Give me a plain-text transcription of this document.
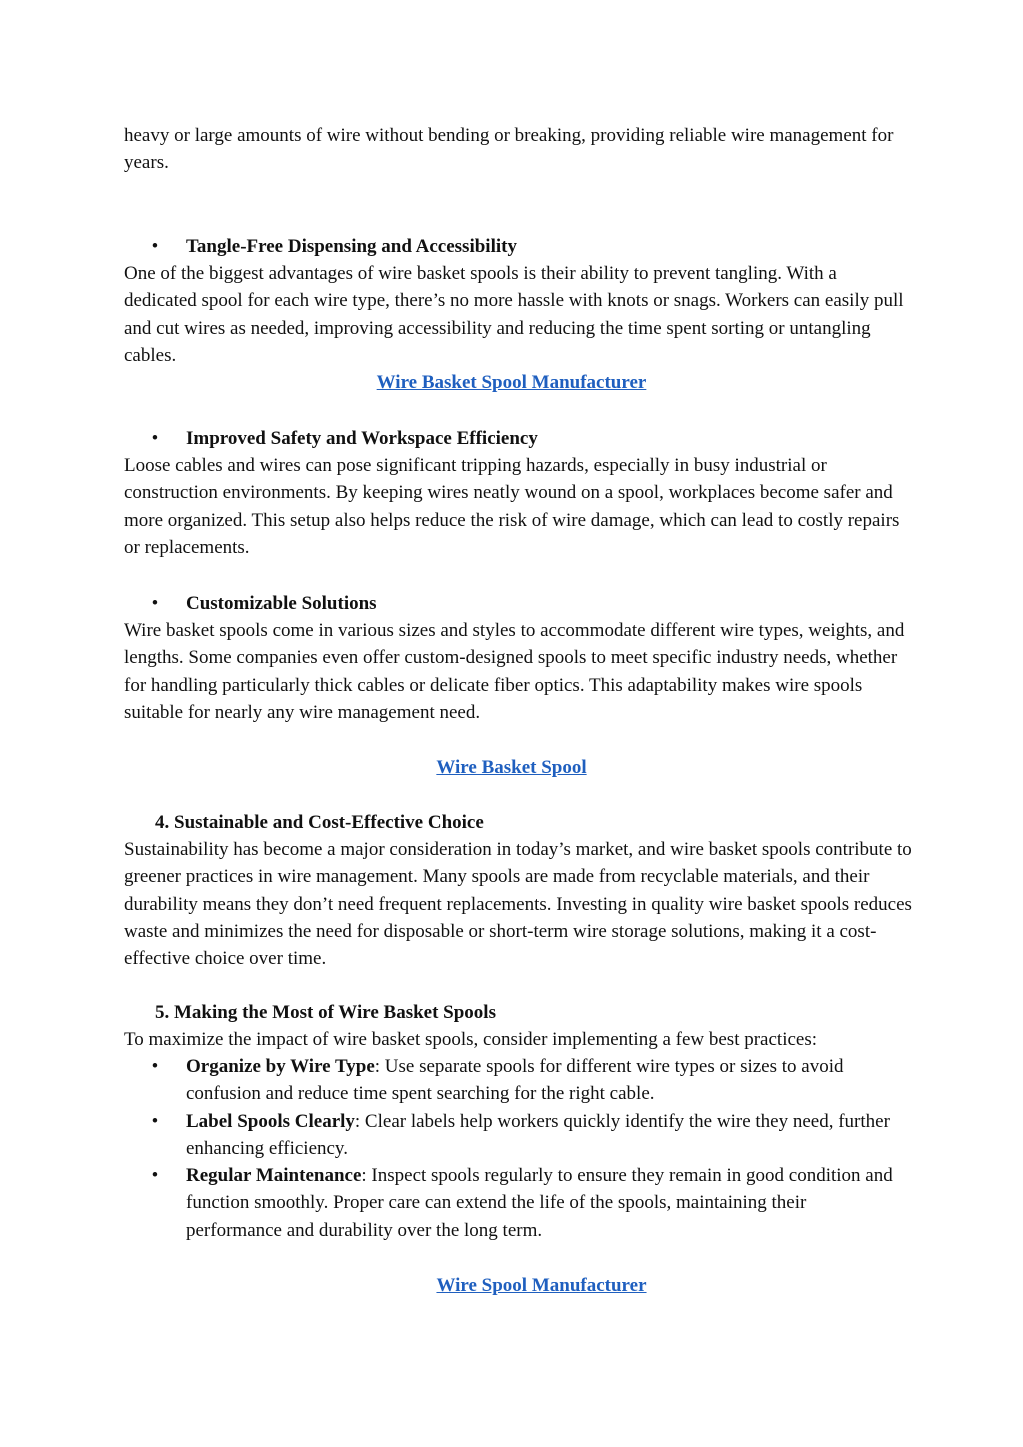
heavy or large amounts of wire without bending or breaking, providing reliable wire management for years.

• Tangle-Free Dispensing and Accessibility

One of the biggest advantages of wire basket spools is their ability to prevent tangling. With a dedicated spool for each wire type, there’s no more hassle with knots or snags. Workers can easily pull and cut wires as needed, improving accessibility and reducing the time spent sorting or untangling cables.

Wire Basket Spool Manufacturer

• Improved Safety and Workspace Efficiency

Loose cables and wires can pose significant tripping hazards, especially in busy industrial or construction environments. By keeping wires neatly wound on a spool, workplaces become safer and more organized. This setup also helps reduce the risk of wire damage, which can lead to costly repairs or replacements.

• Customizable Solutions

Wire basket spools come in various sizes and styles to accommodate different wire types, weights, and lengths. Some companies even offer custom-designed spools to meet specific industry needs, whether for handling particularly thick cables or delicate fiber optics. This adaptability makes wire spools suitable for nearly any wire management need.

Wire Basket Spool

4. Sustainable and Cost-Effective Choice

Sustainability has become a major consideration in today’s market, and wire basket spools contribute to greener practices in wire management. Many spools are made from recyclable materials, and their durability means they don’t need frequent replacements. Investing in quality wire basket spools reduces waste and minimizes the need for disposable or short-term wire storage solutions, making it a cost-effective choice over time.

5. Making the Most of Wire Basket Spools

To maximize the impact of wire basket spools, consider implementing a few best practices:

•	Organize by Wire Type: Use separate spools for different wire types or sizes to avoid confusion and reduce time spent searching for the right cable.
•	Label Spools Clearly: Clear labels help workers quickly identify the wire they need, further enhancing efficiency.
•	Regular Maintenance: Inspect spools regularly to ensure they remain in good condition and function smoothly. Proper care can extend the life of the spools, maintaining their performance and durability over the long term.

Wire Spool Manufacturer
